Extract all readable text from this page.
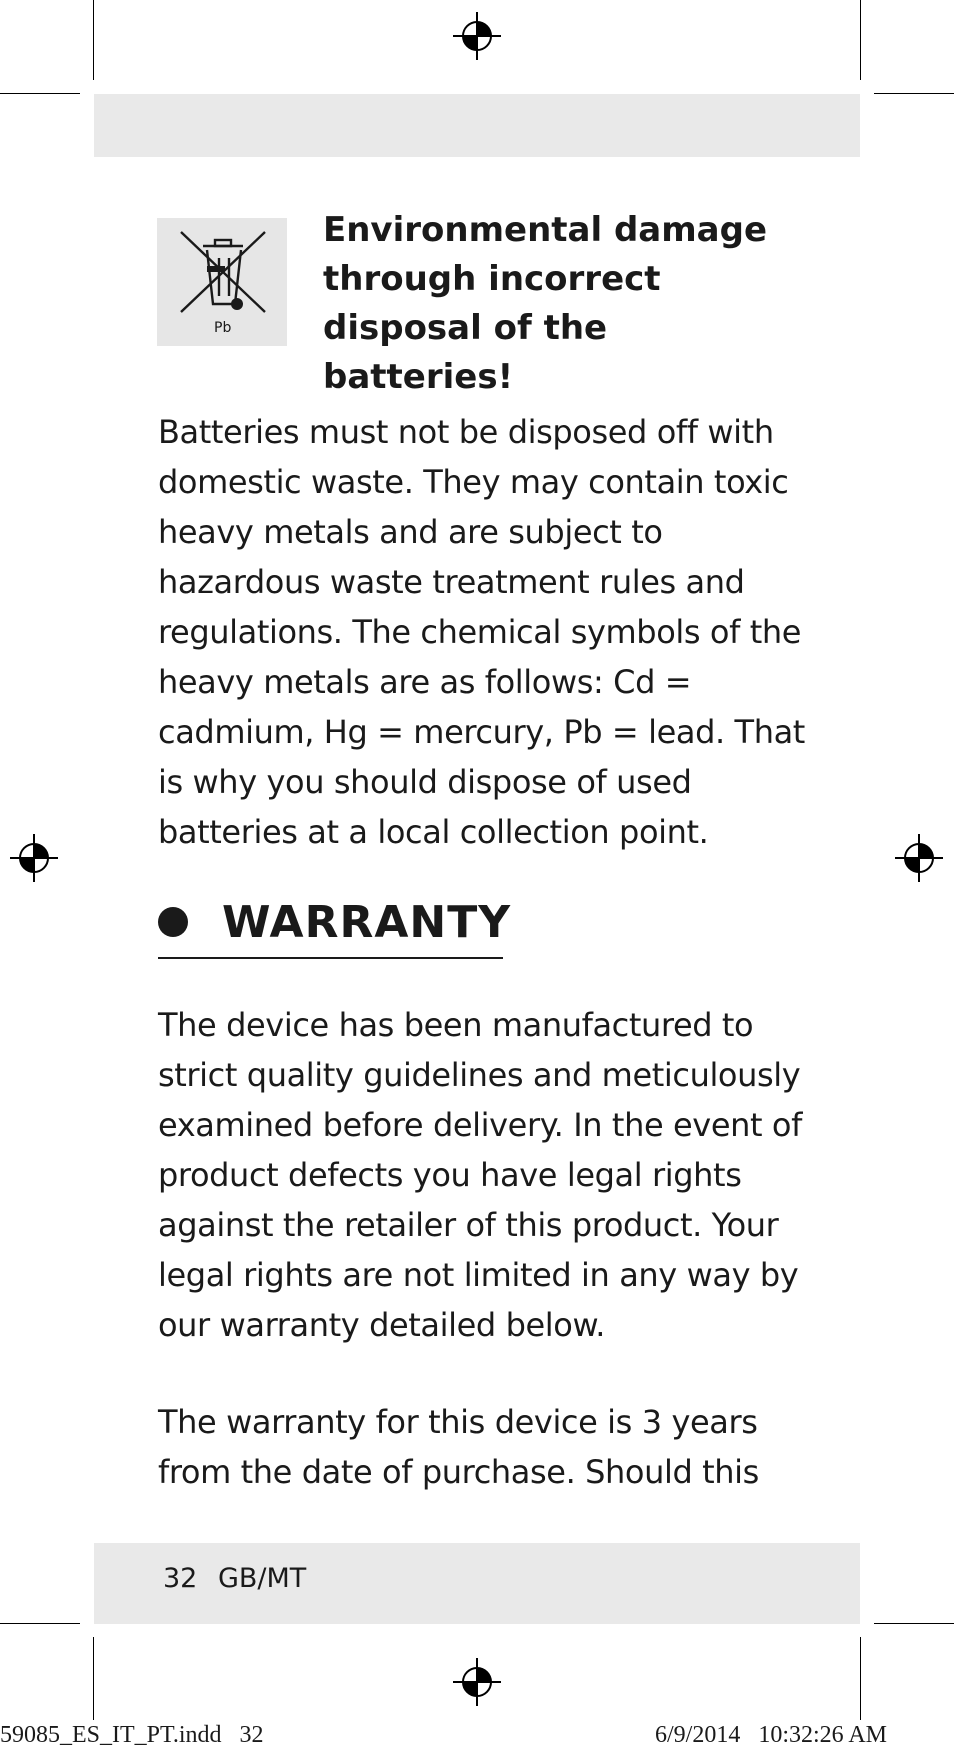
Pb
Environmental damage
through incorrect
disposal of the batteries!
Batteries must not be disposed off with
domestic waste. They may contain toxic
heavy metals and are subject to
hazardous waste treatment rules and
regulations. The chemical symbols of the
heavy metals are as follows: Cd =
cadmium, Hg = mercury, Pb = lead. That
is why you should dispose of used
batteries at a local collection point.
WARRANTY
The device has been manufactured to
strict quality guidelines and meticulously
examined before delivery. In the event of
product defects you have legal rights
against the retailer of this product. Your
legal rights are not limited in any way by
our warranty detailed below.
The warranty for this device is 3 years
from the date of purchase. Should this
32 GB/MT
59085_ES_IT_PT.indd   32	6/9/2014   10:32:26 AM
